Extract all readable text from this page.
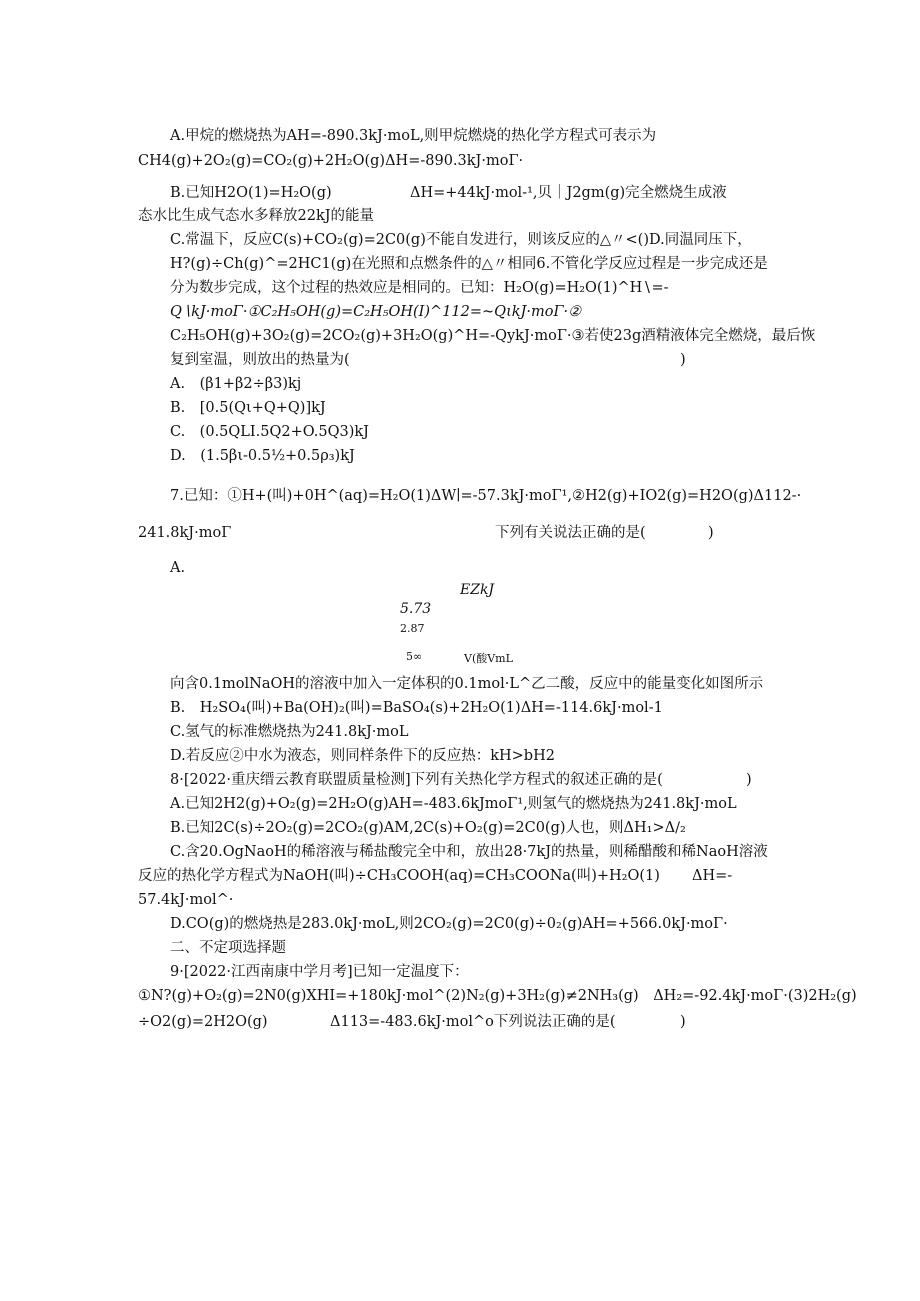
A.甲烷的燃烧热为AH=-890.3kJ·moL,则甲烷燃烧的热化学方程式可表示为
CH4(g)+2O₂(g)=CO₂(g)+2H₂O(g)ΔH=-890.3kJ·moΓ·
B.已知H2O(1)=H₂O(g)	ΔH=+44kJ·mol-¹,贝｜J2gm(g)完全燃烧生成液
态水比生成气态水多释放22kJ的能量
C.常温下，反应C(s)+CO₂(g)=2C0(g)不能自发进行，则该反应的△〃<()D.同温同压下，
H?(g)÷Ch(g)^=2HC1(g)在光照和点燃条件的△〃相同6.不管化学反应过程是一步完成还是
分为数步完成，这个过程的热效应是相同的。已知：H₂O(g)=H₂O(1)^H∖=-
Q∖kJ·moΓ·①C₂H₅OH(g)=C₂H₅OH(I)^112=~QιkJ·moΓ·②
C₂H₅OH(g)+3O₂(g)=2CO₂(g)+3H₂O(g)^H=-QykJ·moΓ·③若使23g酒精液体完全燃烧，最后恢
复到室温，则放出的热量为(	)
A.　(β1+β2÷β3)kj
B.　[0.5(Qι+Q+Q)]kJ
C.　(0.5QLI.5Q2+O.5Q3)kJ
D.　(1.5βι-0.5½+0.5ρ₃)kJ
7.已知：①H+(叫)+0H^(aq)=H₂O(1)ΔW∣=-57.3kJ·moΓ¹,②H2(g)+IO2(g)=H2O(g)Δ112-·
241.8kJ·moΓ	下列有关说法正确的是(	)
A.
EZkJ
5.73
2.87
5∞	V(酸VmL
向含0.1molNaOH的溶液中加入一定体积的0.1mol·L^乙二酸，反应中的能量变化如图所示
B.　H₂SO₄(叫)+Ba(OH)₂(叫)=BaSO₄(s)+2H₂O(1)ΔH=-114.6kJ·mol-1
C.氢气的标准燃烧热为241.8kJ·moL
D.若反应②中水为液态，则同样条件下的反应热：kH>bH2
8·[2022·重庆缙云教育联盟质量检测]下列有关热化学方程式的叙述正确的是(	)
A.已知2H2(g)+O₂(g)=2H₂O(g)AH=-483.6kJmoΓ¹,则氢气的燃烧热为241.8kJ·moL
B.已知2C(s)÷2O₂(g)=2CO₂(g)AM,2C(s)+O₂(g)=2C0(g)人也，则ΔH₁>Δ∕₂
C.含20.OgNaoH的稀溶液与稀盐酸完全中和，放出28·7kJ的热量，则稀醋酸和稀NaoH溶液
反应的热化学方程式为NaOH(叫)÷CH₃COOH(aq)=CH₃COONa(叫)+H₂O(1) ΔH=-
57.4kJ·mol^·
D.CO(g)的燃烧热是283.0kJ·moL,则2CO₂(g)=2C0(g)÷0₂(g)AH=+566.0kJ·moΓ·
二、不定项选择题
9·[2022·江西南康中学月考]已知一定温度下：
①N?(g)+O₂(g)=2N0(g)XHI=+180kJ·mol^(2)N₂(g)+3H₂(g)≠2NH₃(g)　ΔH₂=-92.4kJ·moΓ·(3)2H₂(g)
÷O2(g)=2H2O(g)	Δ113=-483.6kJ·mol^o下列说法正确的是(	)
